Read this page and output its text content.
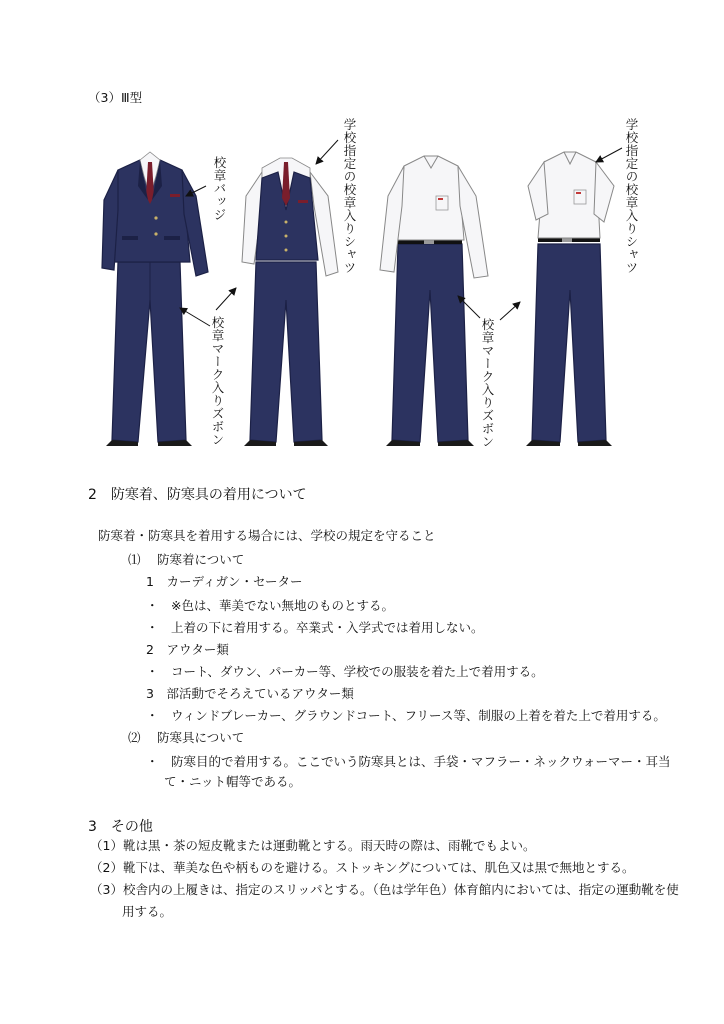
（3）Ⅲ型
校章バッジ	学校指定の校章入りシャツ
校章マーク入りズボン	校章マーク入りズボン
学校指定の校章入りシャツ
2　防寒着、防寒具の着用について
防寒着・防寒具を着用する場合には、学校の規定を守ること
⑴　 防寒着について
1　カーディガン・セーター
・　※色は、華美でない無地のものとする。
・　上着の下に着用する。卒業式・入学式では着用しない。
2　アウター類
・　コート、ダウン、パーカー等、学校での服装を着た上で着用する。
3　部活動でそろえているアウター類
・　ウィンドブレーカー、グラウンドコート、フリース等、制服の上着を着た上で着用する。
⑵　 防寒具について
・　防寒目的で着用する。ここでいう防寒具とは、手袋・マフラー・ネックウォーマー・耳当
て・ニット帽等である。
3　その他
（1）靴は黒・茶の短皮靴または運動靴とする。雨天時の際は、雨靴でもよい。
（2）靴下は、華美な色や柄ものを避ける。ストッキングについては、肌色又は黒で無地とする。
（3）校舎内の上履きは、指定のスリッパとする。（色は学年色）体育館内においては、指定の運動靴を使
用する。
